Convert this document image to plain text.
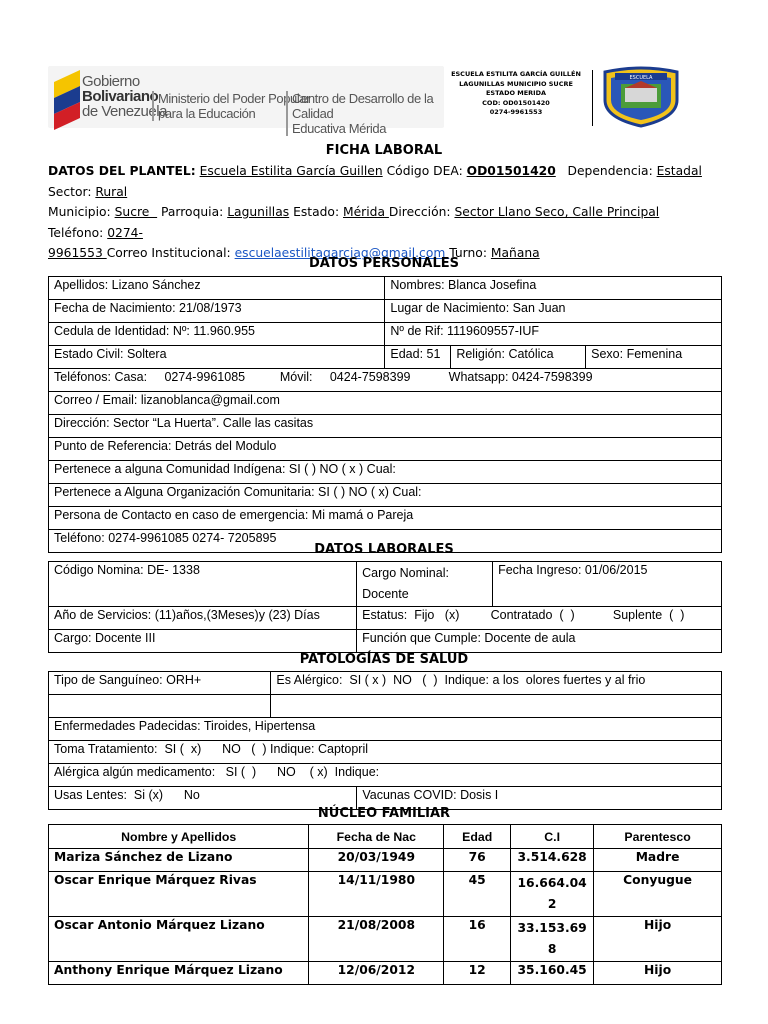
Gobierno
Bolivariano
de Venezuela
Ministerio del Poder Popular
para la Educación
Centro de Desarrollo de la Calidad
Educativa Mérida
ESCUELA ESTILITA GARCÍA GUILLÉN
LAGUNILLAS MUNICIPIO SUCRE
ESTADO MERIDA
COD: OD01501420
0274-9961553
ESCUELA
FICHA LABORAL
DATOS DEL PLANTEL: Escuela Estilita García Guillen Código DEA: OD01501420   Dependencia: Estadal Sector: Rural
Municipio: Sucre   Parroquia: Lagunillas Estado: Mérida Dirección: Sector Llano Seco, Calle Principal Teléfono: 0274-
9961553 Correo Institucional: escuelaestilitagarciag@gmail.com Turno: Mañana
DATOS PERSONALES
Apellidos: Lizano Sánchez	Nombres: Blanca Josefina		
Fecha de Nacimiento: 21/08/1973	Lugar de Nacimiento: San Juan		
Cedula de Identidad: Nº: 11.960.955	Nº de Rif: 1119609557-IUF		
Estado Civil: Soltera	Edad: 51	Religión: Católica	Sexo: Femenina
Teléfonos: Casa:     0274-9961085          Móvil:     0424-7598399           Whatsapp: 0424-7598399			
Correo / Email: lizanoblanca@gmail.com			
Dirección: Sector “La Huerta”. Calle las casitas			
Punto de Referencia: Detrás del Modulo			
Pertenece a alguna Comunidad Indígena: SI ( ) NO ( x ) Cual:			
Pertenece a Alguna Organización Comunitaria: SI ( ) NO ( x) Cual:			
Persona de Contacto en caso de emergencia: Mi mamá o Pareja			
Teléfono: 0274-9961085 0274- 7205895			
DATOS LABORALES
Código Nomina: DE- 1338	Cargo Nominal: Docente	Fecha Ingreso: 01/06/2015
Año de Servicios: (11)años,(3Meses)y (23) Días	Estatus:  Fijo   (x)         Contratado  (  )           Suplente  (  )	
Cargo: Docente III	Función que Cumple: Docente de aula	
PATOLOGÍAS DE SALUD
Tipo de Sanguíneo: ORH+	Es Alérgico:  SI ( x )  NO   (  )  Indique: a los  olores fuertes y al frio	

Enfermedades Padecidas: Tiroides, Hipertensa		
Toma Tratamiento:  SI (  x)      NO   (  ) Indique: Captopril		
Alérgica algún medicamento:   SI (  )      NO    ( x)  Indique:		
Usas Lentes:  Si (x)      No		Vacunas COVID: Dosis I
NÚCLEO FAMILIAR
Nombre y Apellidos	Fecha de Nac	Edad	C.I	Parentesco
Mariza Sánchez de Lizano	20/03/1949	76	3.514.628	Madre
Oscar Enrique Márquez Rivas	14/11/1980	45	16.664.042	Conyugue
Oscar Antonio Márquez Lizano	21/08/2008	16	33.153.698	Hijo
Anthony Enrique Márquez Lizano	12/06/2012	12	35.160.45	Hijo
